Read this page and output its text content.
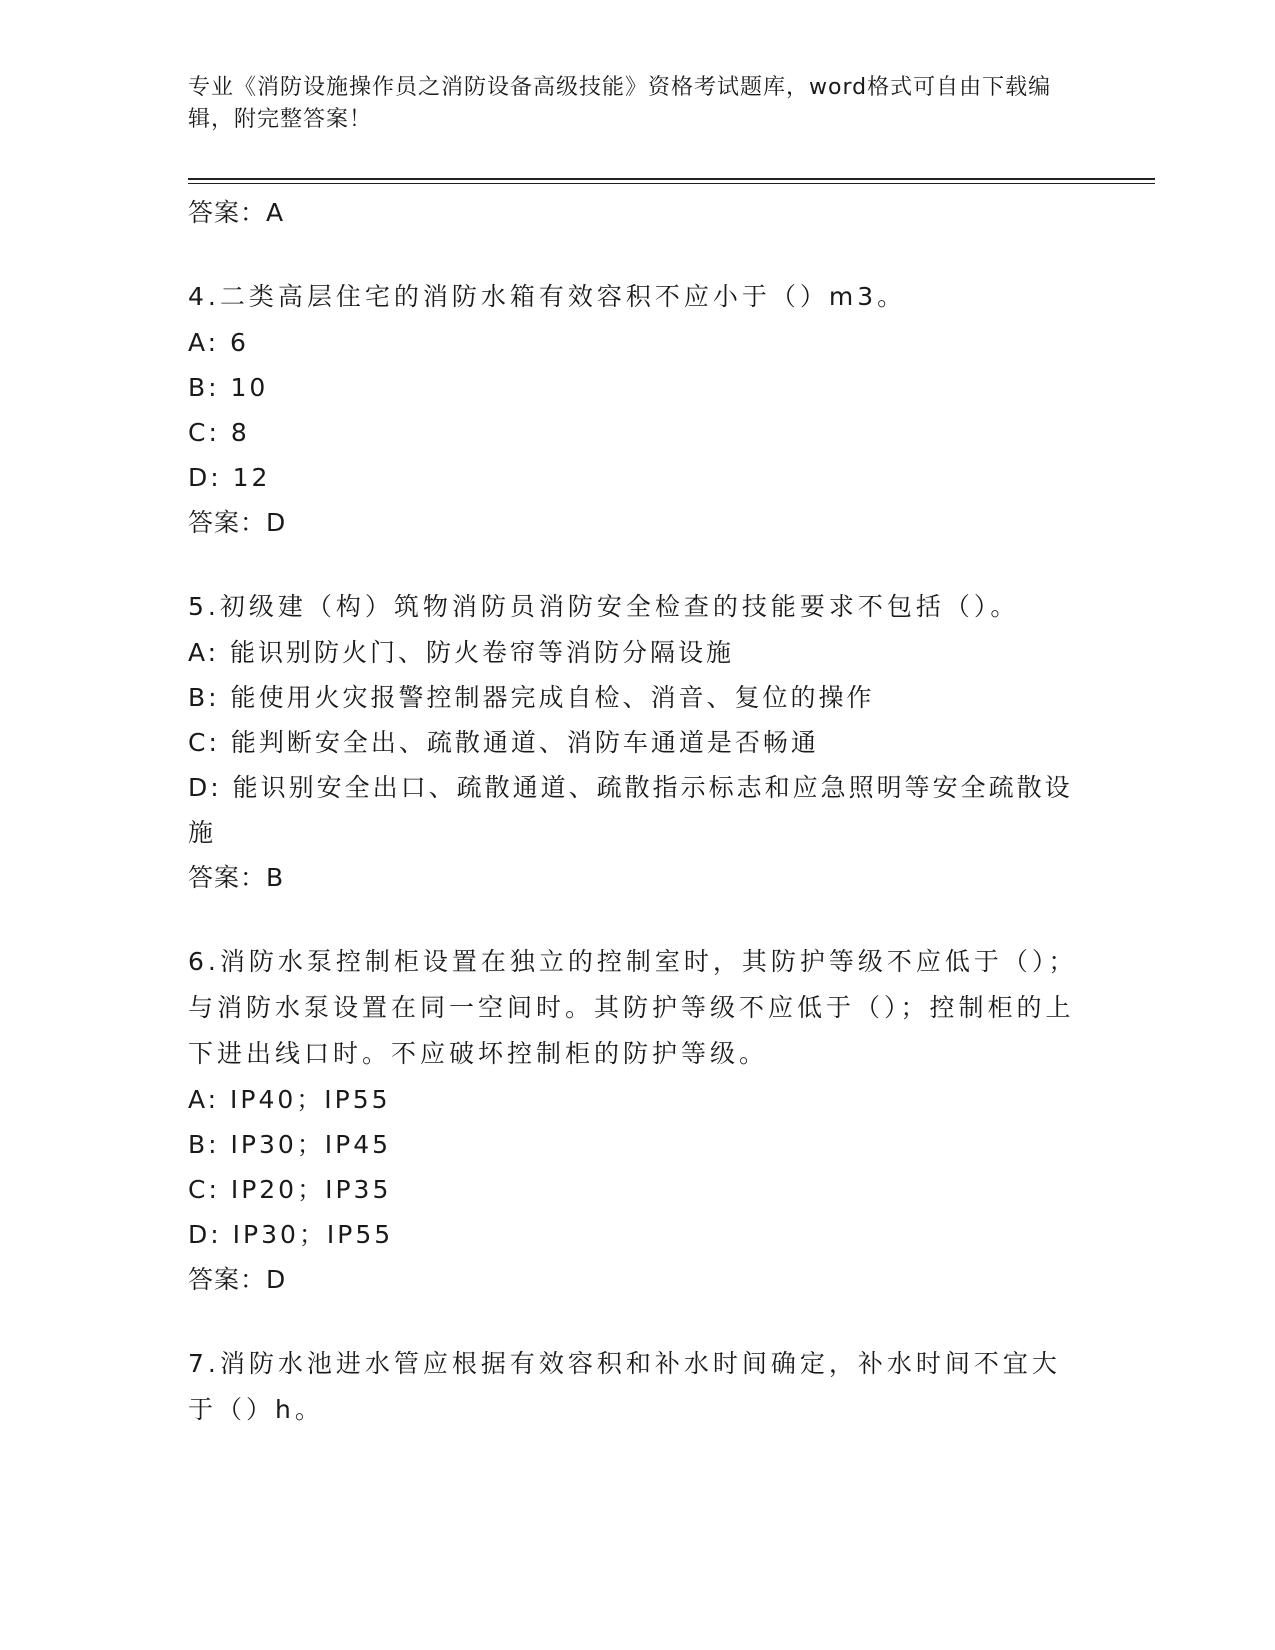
专业《消防设施操作员之消防设备高级技能》资格考试题库，word格式可自由下载编辑，附完整答案！
答案：A
4.二类高层住宅的消防水箱有效容积不应小于（）m3。
A: 6
B: 10
C: 8
D: 12
答案：D
5.初级建（构）筑物消防员消防安全检查的技能要求不包括（）。
A: 能识别防火门、防火卷帘等消防分隔设施
B: 能使用火灾报警控制器完成自检、消音、复位的操作
C: 能判断安全出、疏散通道、消防车通道是否畅通
D: 能识别安全出口、疏散通道、疏散指示标志和应急照明等安全疏散设施
答案：B
6.消防水泵控制柜设置在独立的控制室时，其防护等级不应低于（）；与消防水泵设置在同一空间时。其防护等级不应低于（）；控制柜的上下进出线口时。不应破坏控制柜的防护等级。
A: IP40；IP55
B: IP30；IP45
C: IP20；IP35
D: IP30；IP55
答案：D
7.消防水池进水管应根据有效容积和补水时间确定，补水时间不宜大于（）h。
